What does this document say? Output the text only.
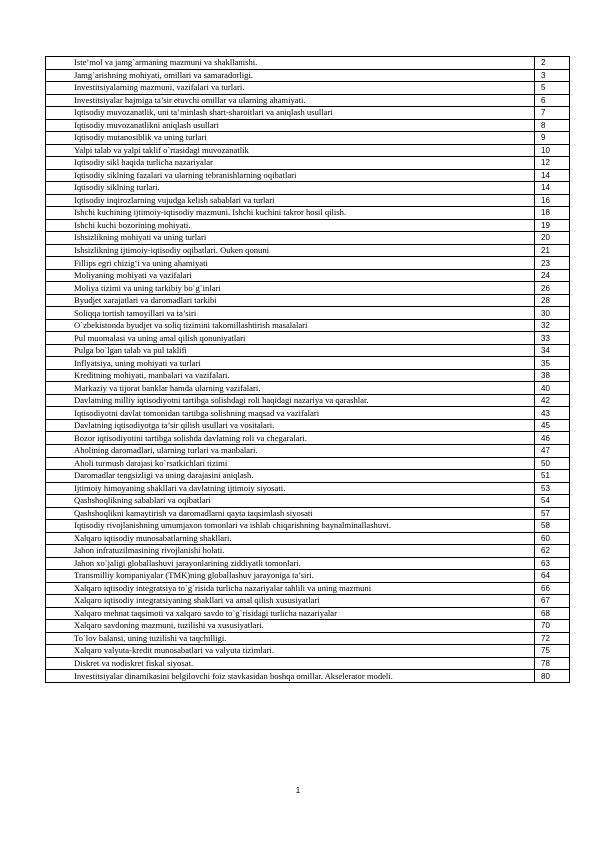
Iste’mol va jamg`armaning mazmuni va shakllanishi.	2
Jamg`arishning mohiyati, omillari va samaradorligi.	3
Investitsiyalarning mazmuni, vazifalari va turlari.	5
Investitsiyalar hajmiga ta’sir etuvchi omillar va ularning ahamiyati.	6
Iqtisodiy muvozanatlik, uni ta’minlash shart-sharoitlari va aniqlash usullari	7
Iqtisodiy muvozanatlikni aniqlash usullari	8
Iqtisodiy mutanosiblik va uning turlari	9
Yalpi talab va yalpi taklif o`rtasidagi muvozanatlik	10
Iqtisodiy sikl haqida turlicha nazariyalar	12
Iqtisodiy siklning fazalari va ularning tebranishlarning oqibatlari	14
Iqtisodiy siklning turlari.	14
Iqtisodiy inqirozlarning vujudga kelish sabablari va turlari	16
Ishchi kuchining ijtimoiy-iqtisodiy mazmuni. Ishchi kuchini takror hosil qilish.	18
Ishchi kuchi bozorining mohiyati.	19
Ishsizlikning mohiyati va uning turlari	20
Ishsizlikning ijtimoiy-iqtisodiy oqibatlari. Ouken qonuni	21
Fillips egri chizig‘i va uning ahamiyati	23
Moliyaning mohiyati va vazifalari	24
Moliya tizimi va uning tarkibiy bo`g`inlari	26
Byudjet xarajatlari va daromadlari tarkibi	28
Soliqqa tortish tamoyillari va ta’siri	30
O`zbekistonda byudjet va soliq tizimini takomillashtirish masalalari	32
Pul muomalasi va uning amal qilish qonuniyatlari	33
Pulga bo`lgan talab va pul taklifi	34
Inflyatsiya, uning mohiyati va turlari	35
Kreditning mohiyati, manbalari va vazifalari.	38
Markaziy va tijorat banklar hamda ularning vazifalari.	40
Davlatning milliy iqtisodiyotni tartibga solishdagi roli haqidagi nazariya va qarashlar.	42
Iqtisodiyotni davlat tomonidan tartibga solishning maqsad va vazifalari	43
Davlatning iqtisodiyotga ta’sir qilish usullari va vositalari.	45
Bozor iqtisodiyotini tartibga solishda davlatning roli va chegaralari.	46
Aholining daromadlari, ularning turlari va manbalari.	47
Aholi turmush darajasi ko`rsatkichlari tizimi	50
Daromadlar tengsizligi va uning darajasini aniqlash.	51
Ijtimoiy himoyaning shakllari va davlatning ijtimoiy siyosati.	53
Qashshoqlikning sabablari va oqibatlari	54
Qashshoqlikni kamaytirish va daromadlarni qayta taqsimlash siyosati	57
Iqtisodiy rivojlanishning umumjaxon tomonlari va ishlab chiqarishning baynalminallashuvi.	58
Xalqaro iqtisodiy munosabatlarning shakllari.	60
Jahon infratuzilmasining rivojlanishi holati.	62
Jahon xo`jaligi globallashuvi jarayonlarining ziddiyatli tomonlari.	63
Transmilliy kompaniyalar (TMK)ning globallashuv jarayoniga ta’siri.	64
Xalqaro iqtisodiy integratsiya to`g`risida turlicha nazariyalar tahlili va uning mazmuni	66
Xalqaro iqtisodiy integratsiyaning shakllari va amal qilish xususiyatlari	67
Xalqaro mehnat taqsimoti va xalqaro savdo to`g`risidagi turlicha nazariyalar	68
Xalqaro savdoning mazmuni, tuzilishi va xususiyatlari.	70
To`lov balansi, uning tuzilishi va taqchilligi.	72
Xalqaro valyuta-kredit munosabatlari va valyuta tizimlari.	75
Diskret va nodiskret fiskal siyosat.	78
Investitsiyalar dinamikasini belgilovchi foiz stavkasidan boshqa omillar. Akselerator modeli.	80
1
